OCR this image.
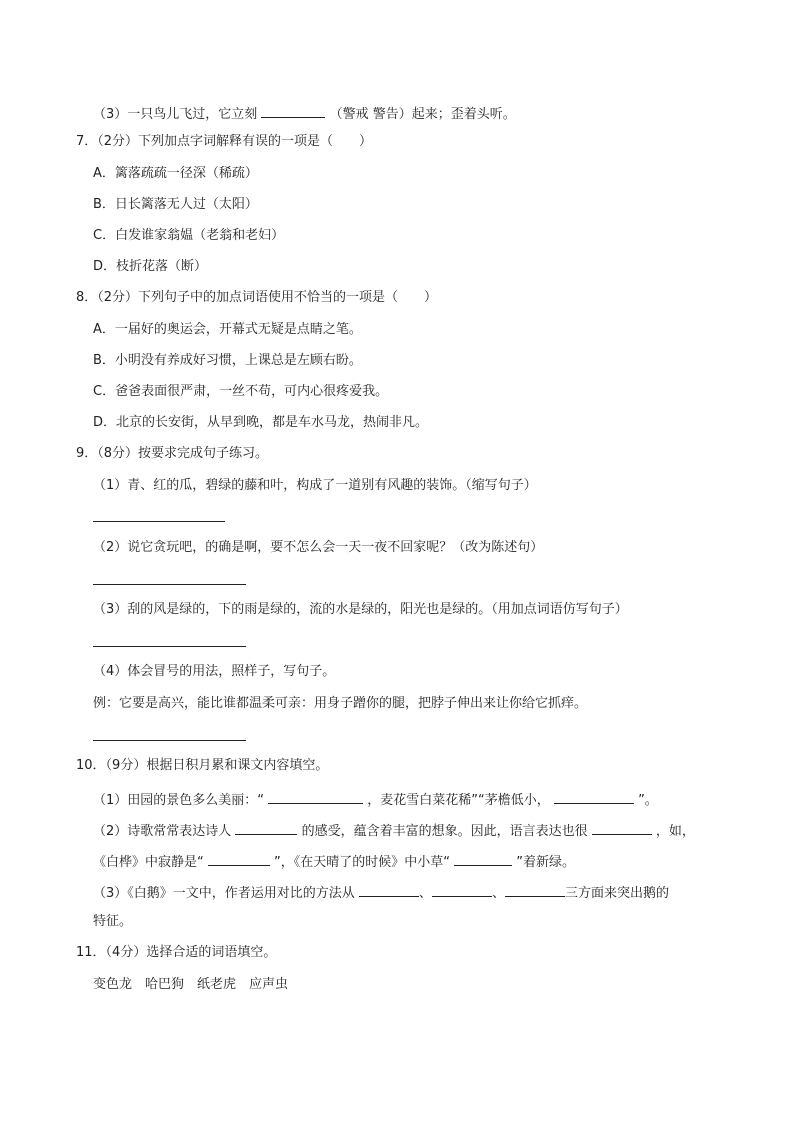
（3）一只鸟儿飞过，它立刻	（警戒 警告）起来；歪着头听。
7．（2分）下列加点字词解释有误的一项是（　　）
A．篱落疏疏一径深（稀疏）
B．日长篱落无人过（太阳）
C．白发谁家翁媪（老翁和老妇）
D．枝折花落（断）
8．（2分）下列句子中的加点词语使用不恰当的一项是（　　）
A．一届好的奥运会，开幕式无疑是点睛之笔。
B．小明没有养成好习惯，上课总是左顾右盼。
C．爸爸表面很严肃，一丝不苟，可内心很疼爱我。
D．北京的长安街，从早到晚，都是车水马龙，热闹非凡。
9．（8分）按要求完成句子练习。
（1）青、红的瓜，碧绿的藤和叶，构成了一道别有风趣的装饰。（缩写句子）
（2）说它贪玩吧，的确是啊，要不怎么会一天一夜不回家呢？（改为陈述句）
（3）刮的风是绿的，下的雨是绿的，流的水是绿的，阳光也是绿的。（用加点词语仿写句子）
（4）体会冒号的用法，照样子，写句子。
例：它要是高兴，能比谁都温柔可亲：用身子蹭你的腿，把脖子伸出来让你给它抓痒。
10．（9分）根据日积月累和课文内容填空。
（1）田园的景色多么美丽：“	，麦花雪白菜花稀”“茅檐低小，	”。
（2）诗歌常常表达诗人	的感受，蕴含着丰富的想象。因此，语言表达也很	，如，
《白桦》中寂静是“	”，《在天晴了的时候》中小草“	”着新绿。
（3）《白鹅》一文中，作者运用对比的方法从	、	、	三方面来突出鹅的
特征。
11．（4分）选择合适的词语填空。
变色龙　哈巴狗　纸老虎　应声虫
